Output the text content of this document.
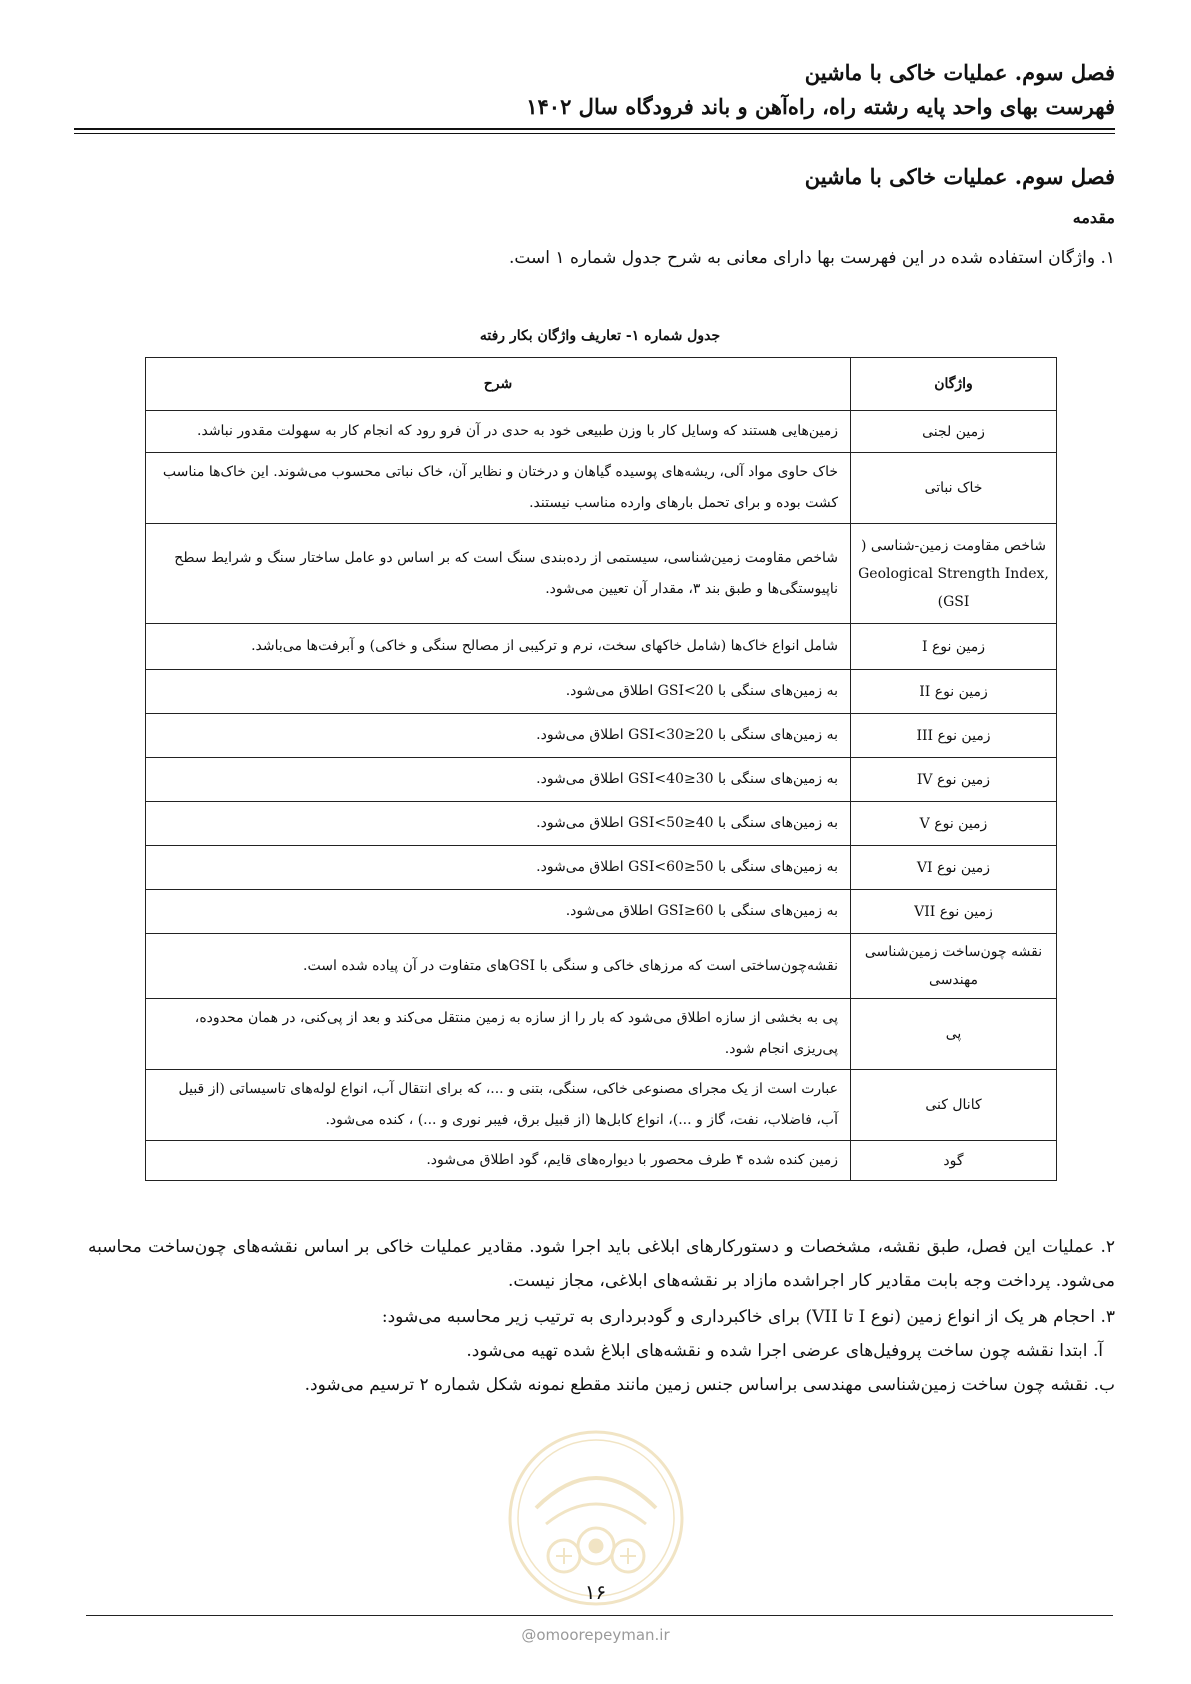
فصل سوم. عملیات خاکی با ماشین
فهرست بهای واحد پایه رشته راه، راه‌آهن و باند فرودگاه سال ۱۴۰۲
فصل سوم. عملیات خاکی با ماشین
مقدمه
۱. واژگان استفاده شده در این فهرست بها دارای معانی به شرح جدول شماره ۱ است.
جدول شماره ۱- تعاریف واژگان بکار رفته
واژگان	شرح
زمین لجنی	زمین‌هایی هستند که وسایل کار با وزن طبیعی خود به حدی در آن فرو رود که انجام کار به سهولت مقدور نباشد.
خاک نباتی	خاک حاوی مواد آلی، ریشه‌های پوسیده گیاهان و درختان و نظایر آن، خاک نباتی محسوب می‌شوند. این خاک‌ها مناسب کشت بوده و برای تحمل بارهای وارده مناسب نیستند.

شاخص مقاومت زمین-شناسی ( Geological Strength Index, GSI)	شاخص مقاومت زمین‌شناسی، سیستمی از رده‌بندی سنگ است که بر اساس دو عامل ساختار سنگ و شرایط سطح ناپیوستگی‌ها و طبق بند ۳، مقدار آن تعیین می‌شود.
زمین نوع I	شامل انواع خاک‌ها (شامل خاکهای سخت، نرم و ترکیبی از مصالح سنگی و خاکی) و آبرفت‌ها می‌باشد.
زمین نوع II	به زمین‌های سنگی با GSI<20 اطلاق می‌شود.
زمین نوع III	به زمین‌های سنگی با 20≤GSI<30 اطلاق می‌شود.
زمین نوع IV	به زمین‌های سنگی با 30≤GSI<40 اطلاق می‌شود.
زمین نوع V	به زمین‌های سنگی با 40≤GSI<50 اطلاق می‌شود.
زمین نوع VI	به زمین‌های سنگی با 50≤GSI<60 اطلاق می‌شود.
زمین نوع VII	به زمین‌های سنگی با 60≤GSI اطلاق می‌شود.
نقشه چون‌ساخت زمین‌شناسی مهندسی	نقشه‌چون‌ساختی است که مرزهای خاکی و سنگی با GSIهای متفاوت در آن پیاده شده است.
پی	پی به بخشی از سازه اطلاق می‌شود که بار را از سازه به زمین منتقل می‌کند و بعد از پی‌کنی، در همان محدوده، پی‌ریزی انجام شود.
کانال کنی	عبارت است از یک مجرای مصنوعی خاکی، سنگی، بتنی و ...، که برای انتقال آب، انواع لوله‌های تاسیساتی (از قبیل آب، فاضلاب، نفت، گاز و ...)، انواع کابل‌ها (از قبیل برق، فیبر نوری و ...) ، کنده می‌شود.
گود	زمین کنده شده ۴ طرف محصور با دیواره‌های قایم، گود اطلاق می‌شود.
۲. عملیات این فصل، طبق نقشه، مشخصات و دستورکارهای ابلاغی باید اجرا شود. مقادیر عملیات خاکی بر اساس نقشه‌های چون‌ساخت محاسبه می‌شود. پرداخت وجه بابت مقادیر کار اجراشده مازاد بر نقشه‌های ابلاغی، مجاز نیست.
۳. احجام هر یک از انواع زمین (نوع I تا VII) برای خاکبرداری و گودبرداری به ترتیب زیر محاسبه می‌شود:
آ. ابتدا نقشه چون ساخت پروفیل‌های عرضی اجرا شده و نقشه‌های ابلاغ شده تهیه می‌شود.
ب. نقشه چون ساخت زمین‌شناسی مهندسی براساس جنس زمین مانند مقطع نمونه شکل شماره ۲ ترسیم می‌شود.
۱۶
@omoorepeyman.ir
